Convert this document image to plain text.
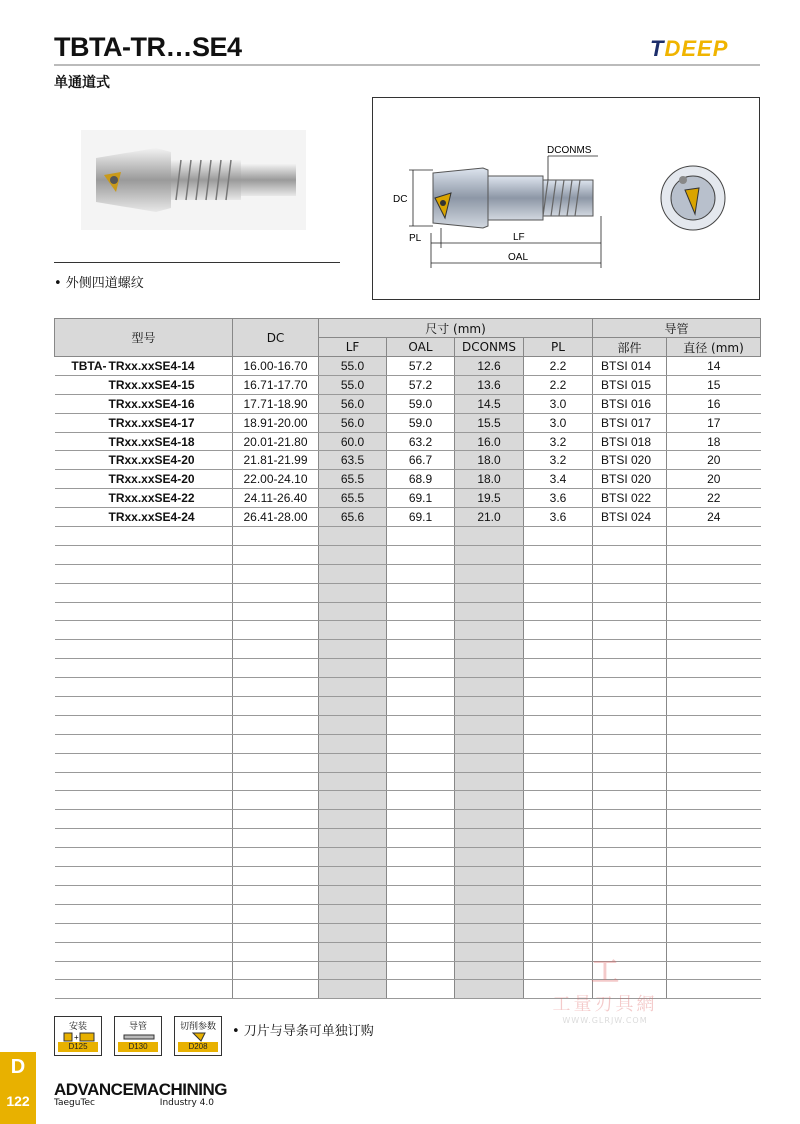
TBTA-TR…SE4
单通道式
TDEEP
• 外侧四道螺纹
DC
DCONMS
PL	LF
OAL
型号	DC	尺寸 (mm)				导管	
		LF	OAL	DCONMS	PL	部件	直径 (mm)
TBTA- TRxx.xxSE4-14	16.00-16.70	55.0	57.2	12.6	2.2	BTSI 014	14
TRxx.xxSE4-15	16.71-17.70	55.0	57.2	13.6	2.2	BTSI 015	15
TRxx.xxSE4-16	17.71-18.90	56.0	59.0	14.5	3.0	BTSI 016	16
TRxx.xxSE4-17	18.91-20.00	56.0	59.0	15.5	3.0	BTSI 017	17
TRxx.xxSE4-18	20.01-21.80	60.0	63.2	16.0	3.2	BTSI 018	18
TRxx.xxSE4-20	21.81-21.99	63.5	66.7	18.0	3.2	BTSI 020	20
TRxx.xxSE4-20	22.00-24.10	65.5	68.9	18.0	3.4	BTSI 020	20
TRxx.xxSE4-22	24.11-26.40	65.5	69.1	19.5	3.6	BTSI 022	22
TRxx.xxSE4-24	26.41-28.00	65.6	69.1	21.0	3.6	BTSI 024	24

安装
+
D125
导管
D130
切削参数
D208
• 刀片与导条可单独订购
D
122
ADVANCEMACHINING
TaeguTec	Industry 4.0
工
工量刃具網
WWW.GLRJW.COM
